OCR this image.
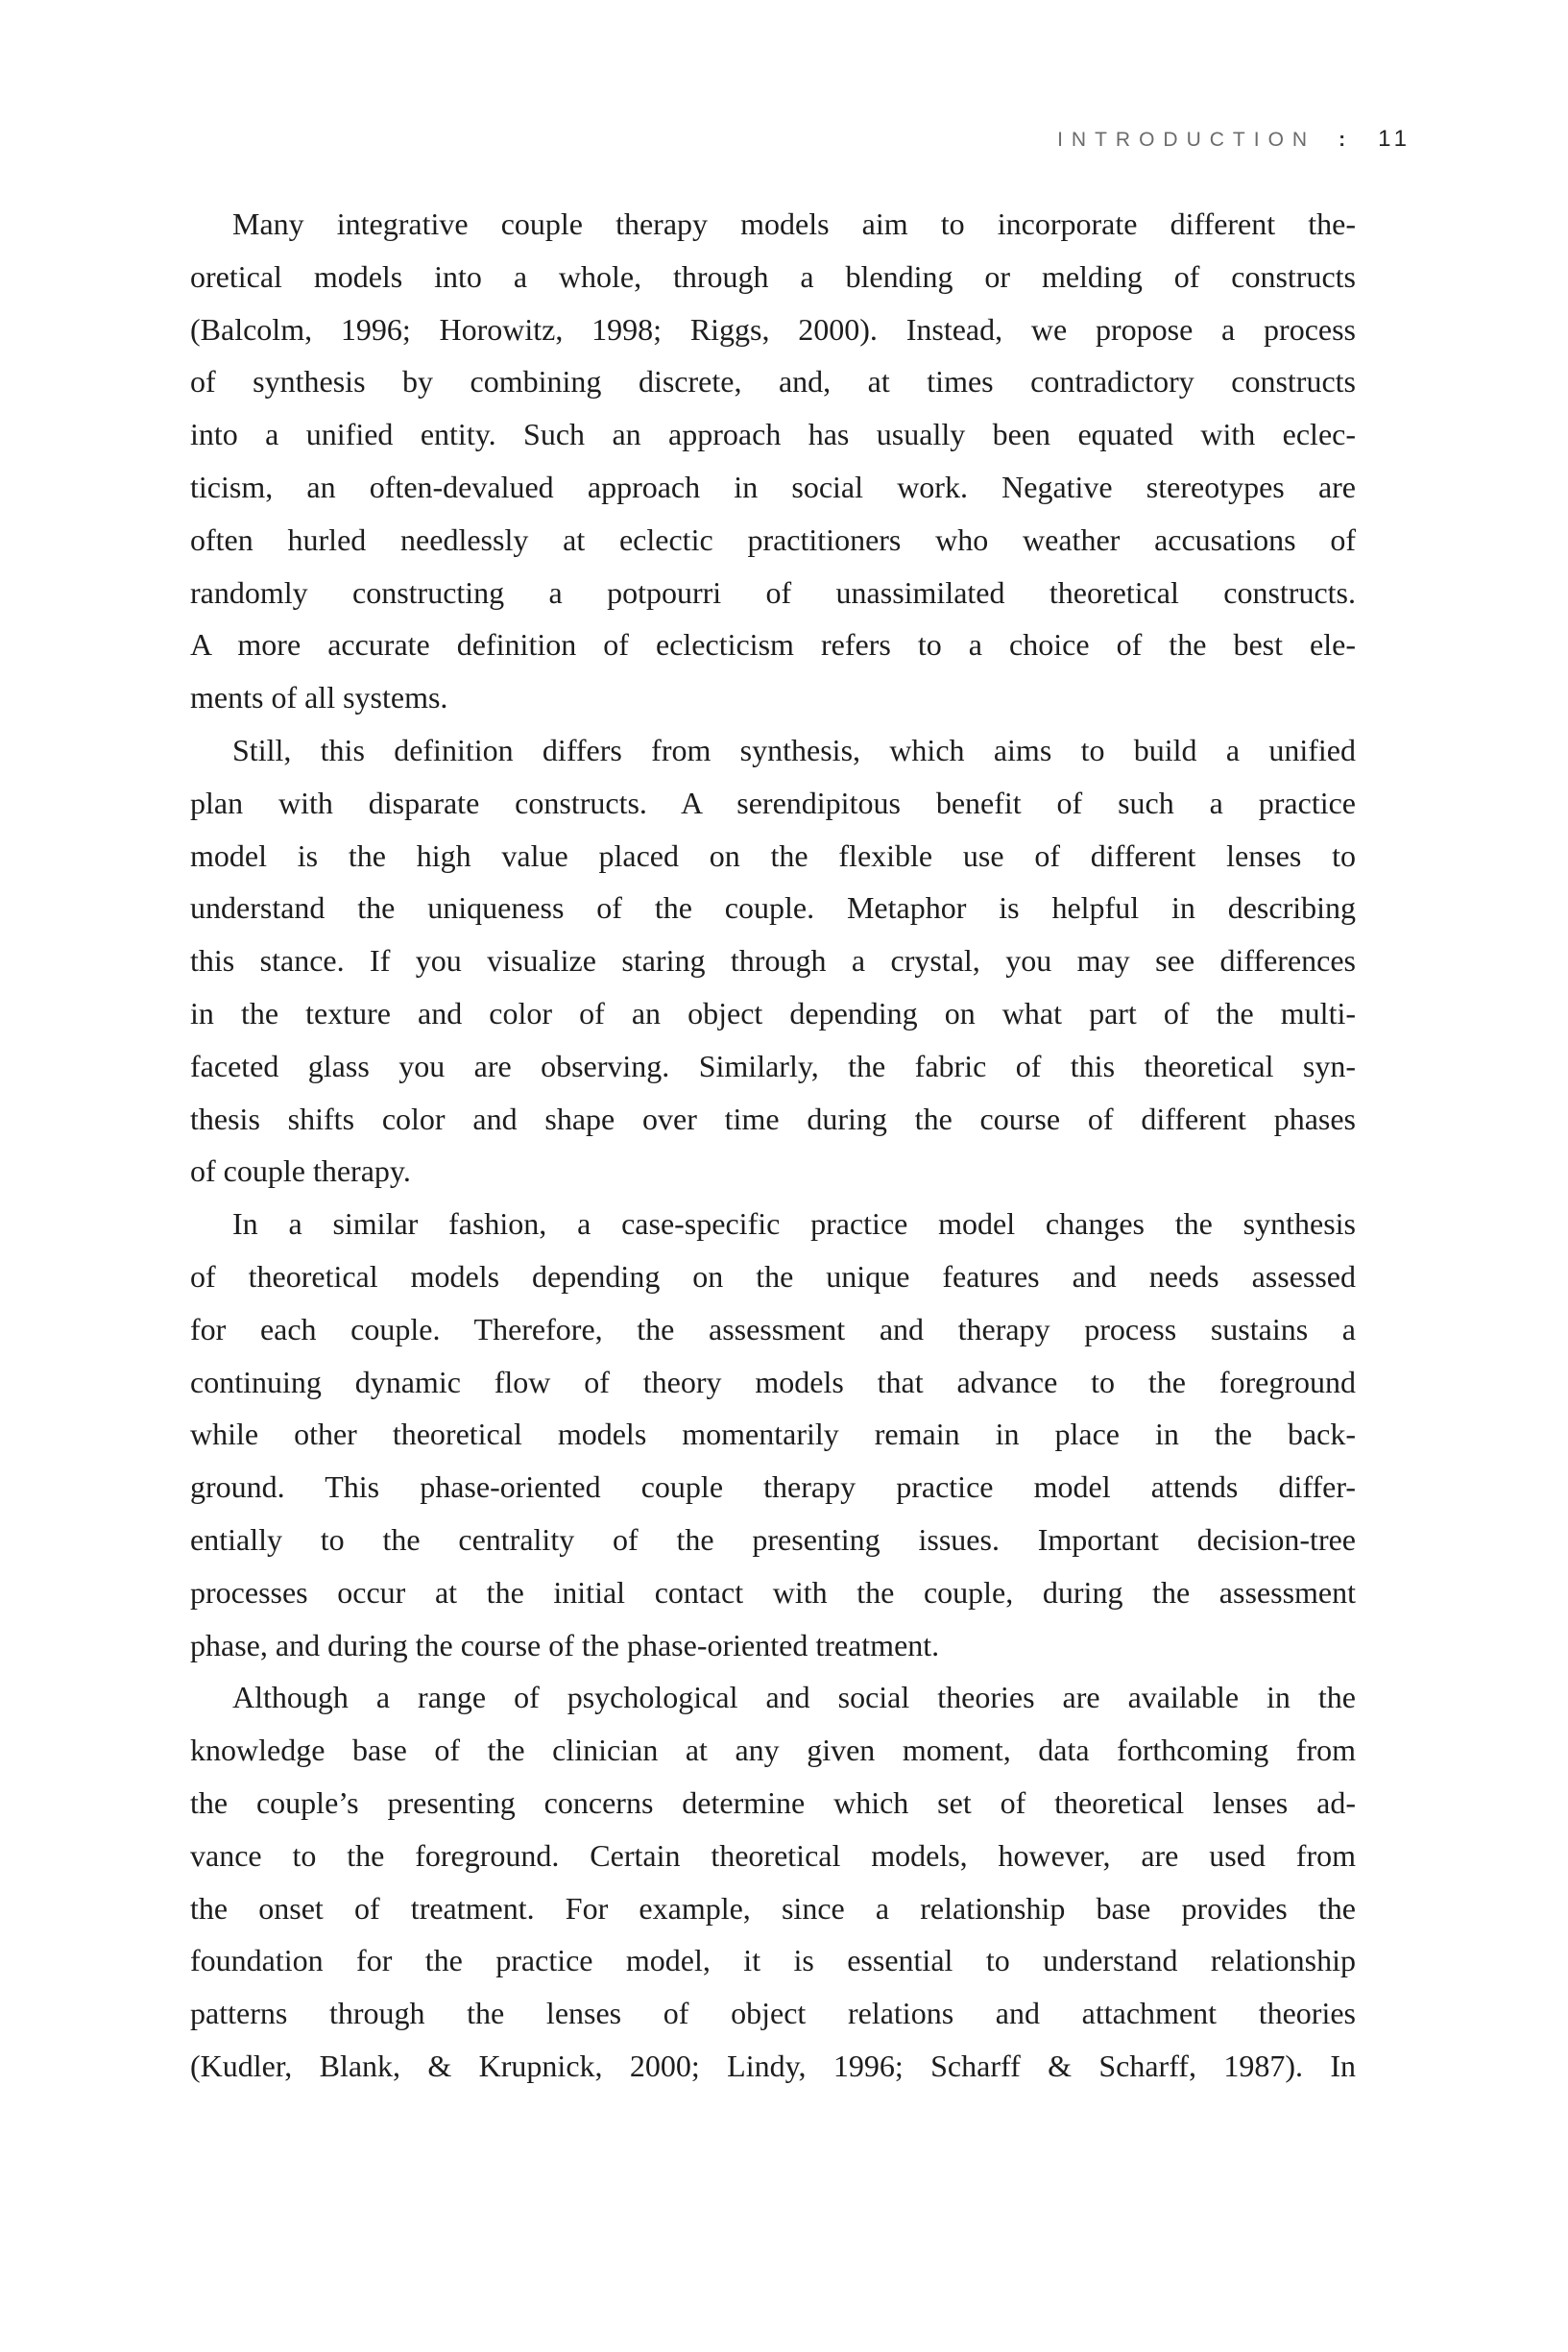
INTRODUCTION : 11
Many integrative couple therapy models aim to incorporate different the-
oretical models into a whole, through a blending or melding of constructs
(Balcolm, 1996; Horowitz, 1998; Riggs, 2000). Instead, we propose a process
of synthesis by combining discrete, and, at times contradictory constructs
into a unified entity. Such an approach has usually been equated with eclec-
ticism, an often-devalued approach in social work. Negative stereotypes are
often hurled needlessly at eclectic practitioners who weather accusations of
randomly constructing a potpourri of unassimilated theoretical constructs.
A more accurate definition of eclecticism refers to a choice of the best ele-
ments of all systems.
Still, this definition differs from synthesis, which aims to build a unified
plan with disparate constructs. A serendipitous benefit of such a practice
model is the high value placed on the flexible use of different lenses to
understand the uniqueness of the couple. Metaphor is helpful in describing
this stance. If you visualize staring through a crystal, you may see differences
in the texture and color of an object depending on what part of the multi-
faceted glass you are observing. Similarly, the fabric of this theoretical syn-
thesis shifts color and shape over time during the course of different phases
of couple therapy.
In a similar fashion, a case-specific practice model changes the synthesis
of theoretical models depending on the unique features and needs assessed
for each couple. Therefore, the assessment and therapy process sustains a
continuing dynamic flow of theory models that advance to the foreground
while other theoretical models momentarily remain in place in the back-
ground. This phase-oriented couple therapy practice model attends differ-
entially to the centrality of the presenting issues. Important decision-tree
processes occur at the initial contact with the couple, during the assessment
phase, and during the course of the phase-oriented treatment.
Although a range of psychological and social theories are available in the
knowledge base of the clinician at any given moment, data forthcoming from
the couple’s presenting concerns determine which set of theoretical lenses ad-
vance to the foreground. Certain theoretical models, however, are used from
the onset of treatment. For example, since a relationship base provides the
foundation for the practice model, it is essential to understand relationship
patterns through the lenses of object relations and attachment theories
(Kudler, Blank, & Krupnick, 2000; Lindy, 1996; Scharff & Scharff, 1987). In
